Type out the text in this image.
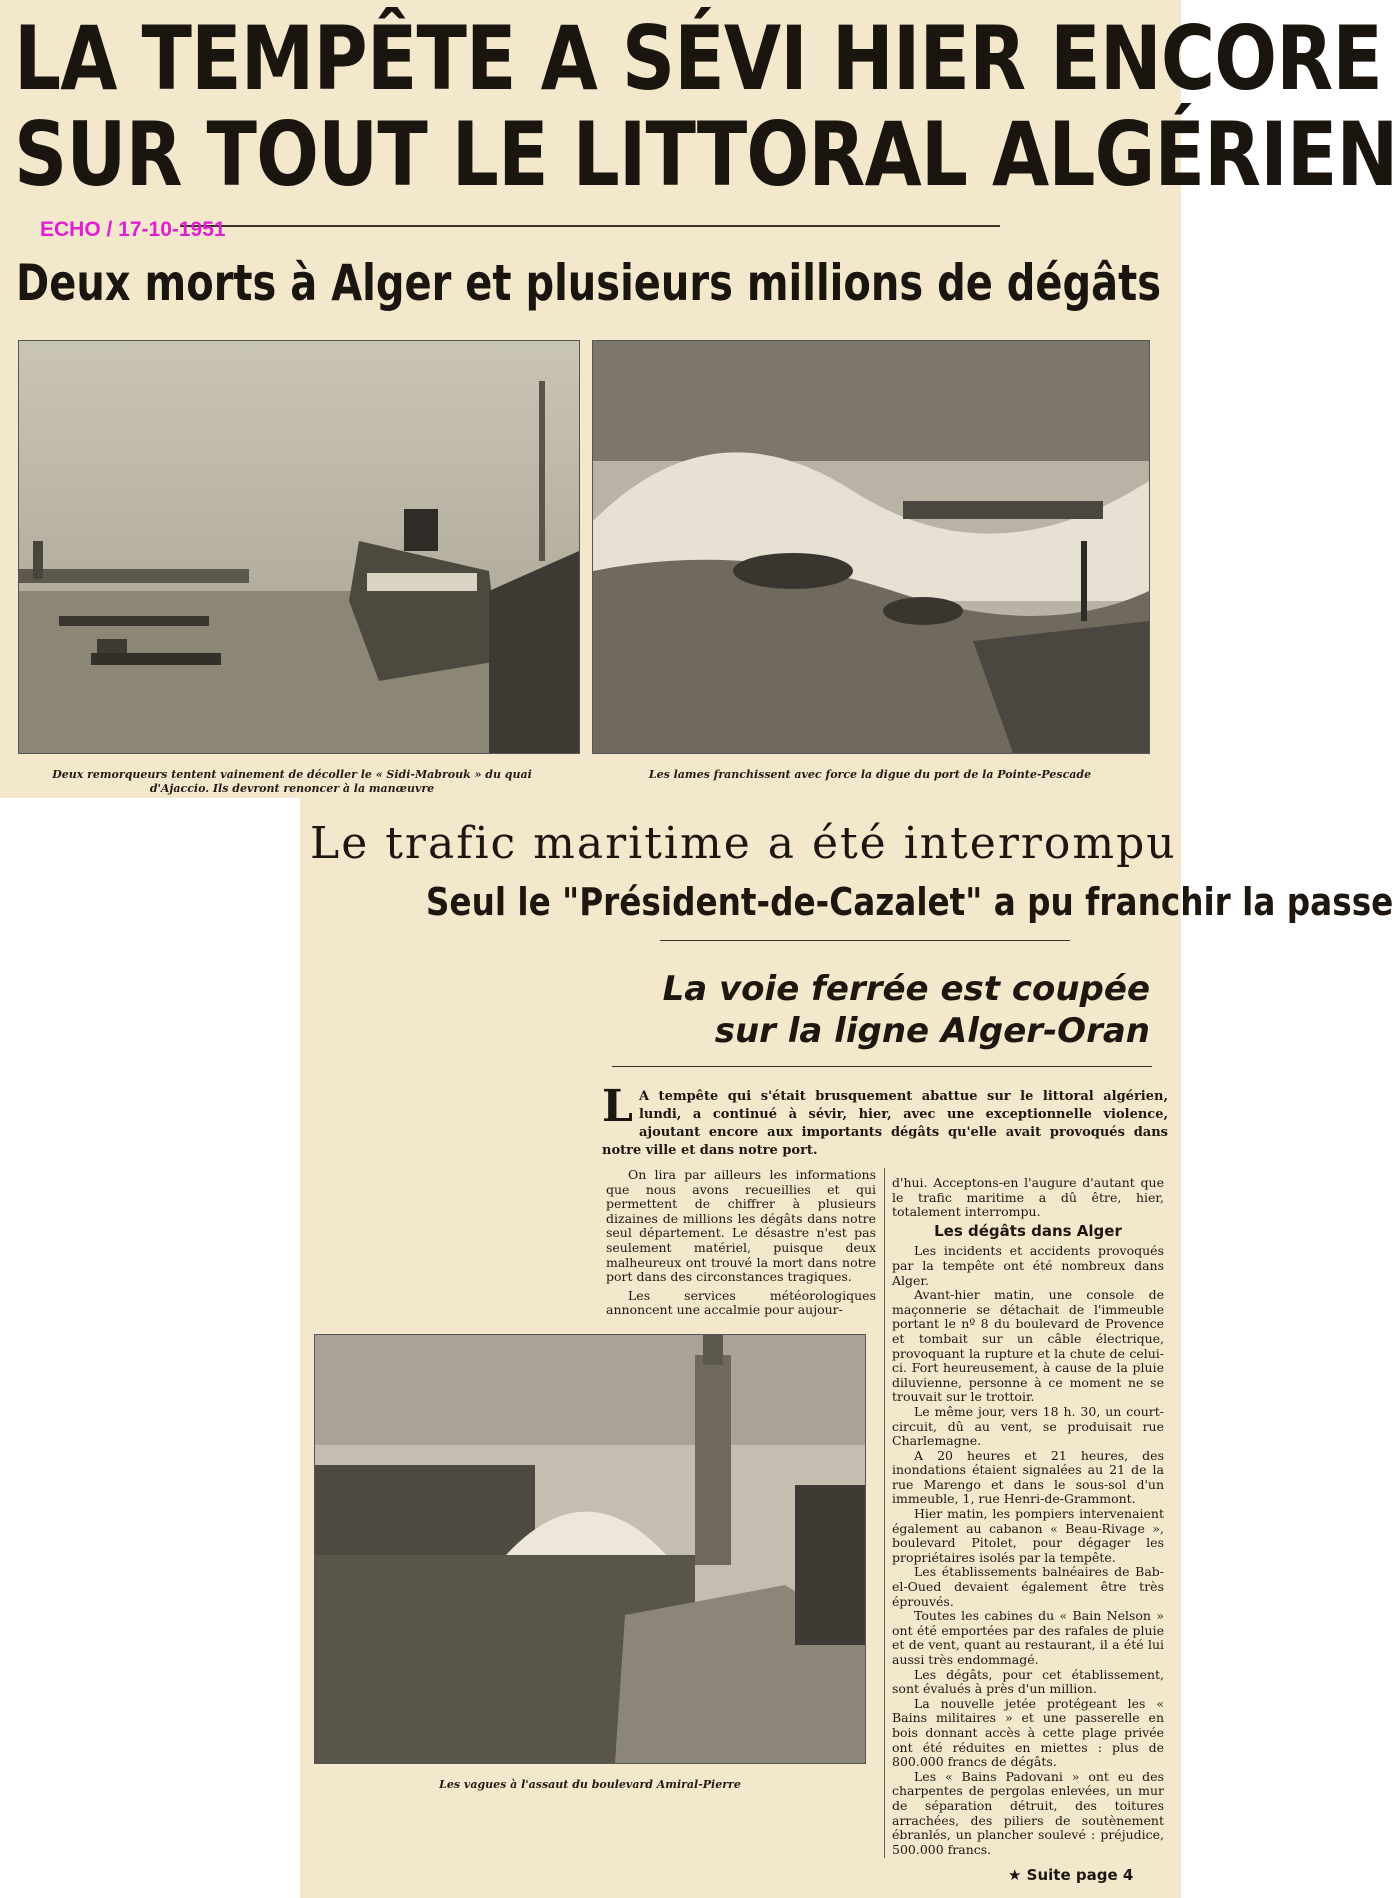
LA TEMPÊTE A SÉVI HIER ENCORE
SUR TOUT LE LITTORAL ALGÉRIEN
ECHO / 17-10-1951
Deux morts à Alger et plusieurs millions de dégâts
Deux remorqueurs tentent vainement de décoller le « Sidi-Mabrouk » du quai d'Ajaccio. Ils devront renoncer à la manœuvre
Les lames franchissent avec force la digue du port de la Pointe-Pescade
Le trafic maritime a été interrompu
Seul le "Président-de-Cazalet" a pu franchir la passe
La voie ferrée est coupée
sur la ligne Alger-Oran
L A tempête qui s'était brusquement abattue sur le littoral algérien, lundi, a continué à sévir, hier, avec une exceptionnelle violence, ajoutant encore aux importants dégâts qu'elle avait provoqués dans notre ville et dans notre port.

On lira par ailleurs les informations que nous avons recueillies et qui permettent de chiffrer à plusieurs dizaines de millions les dégâts dans notre seul département. Le désastre n'est pas seulement matériel, puisque deux malheureux ont trouvé la mort dans notre port dans des circonstances tragiques.

Les services météorologiques annoncent une accalmie pour aujour-

d'hui. Acceptons-en l'augure d'autant que le trafic maritime a dû être, hier, totalement interrompu.

Les dégâts dans Alger

Les incidents et accidents provoqués par la tempête ont été nombreux dans Alger.

Avant-hier matin, une console de maçonnerie se détachait de l'immeuble portant le nº 8 du boulevard de Provence et tombait sur un câble électrique, provoquant la rupture et la chute de celui-ci. Fort heureusement, à cause de la pluie diluvienne, personne à ce moment ne se trouvait sur le trottoir.

Le même jour, vers 18 h. 30, un court-circuit, dû au vent, se produisait rue Charlemagne.

A 20 heures et 21 heures, des inondations étaient signalées au 21 de la rue Marengo et dans le sous-sol d'un immeuble, 1, rue Henri-de-Grammont.

Hier matin, les pompiers intervenaient également au cabanon « Beau-Rivage », boulevard Pitolet, pour dégager les propriétaires isolés par la tempête.

Les établissements balnéaires de Bab-el-Oued devaient également être très éprouvés.

Toutes les cabines du « Bain Nelson » ont été emportées par des rafales de pluie et de vent, quant au restaurant, il a été lui aussi très endommagé.

Les dégâts, pour cet établissement, sont évalués à près d'un million.

La nouvelle jetée protégeant les « Bains militaires » et une passerelle en bois donnant accès à cette plage privée ont été réduites en miettes : plus de 800.000 francs de dégâts.

Les « Bains Padovani » ont eu des charpentes de pergolas enlevées, un mur de séparation détruit, des toitures arrachées, des piliers de soutènement ébranlés, un plancher soulevé : préjudice, 500.000 francs.

Les vagues à l'assaut du boulevard Amiral-Pierre
★ Suite page 4
